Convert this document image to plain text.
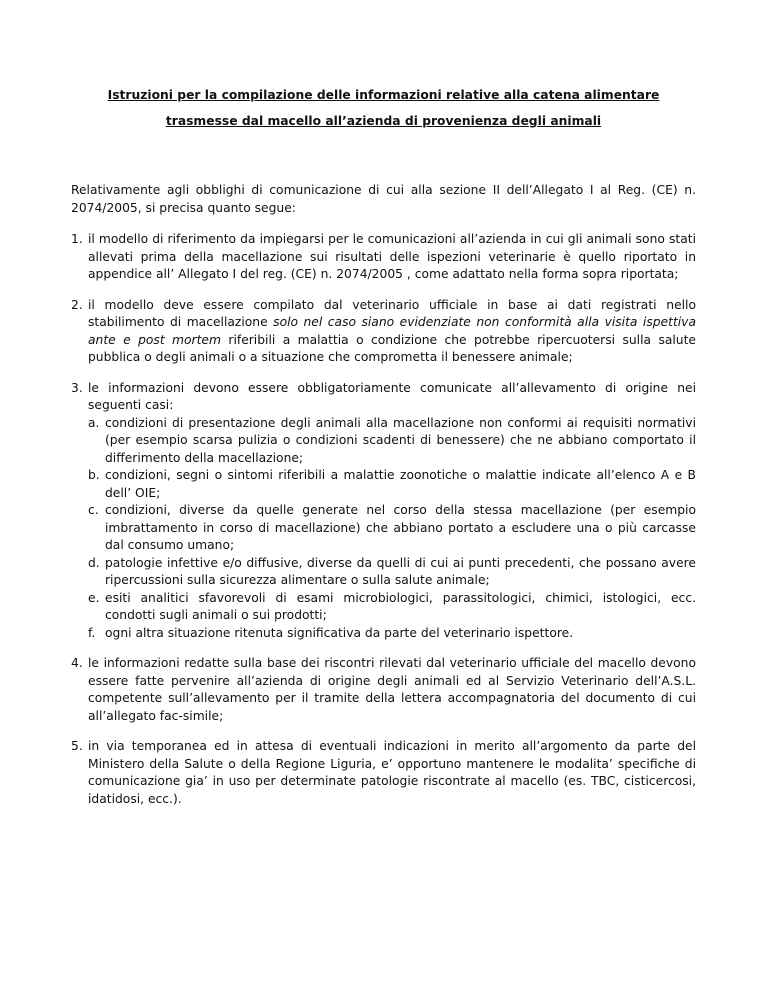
Istruzioni per la compilazione delle informazioni relative alla catena alimentare

trasmesse dal macello all’azienda di provenienza degli animali

Relativamente agli obblighi di comunicazione di cui alla sezione II dell’Allegato I al Reg. (CE) n. 2074/2005, si precisa quanto segue:

1. il modello di riferimento da impiegarsi per le comunicazioni all’azienda in cui gli animali sono stati allevati prima della macellazione sui risultati delle ispezioni veterinarie è quello riportato in appendice all’ Allegato I del reg. (CE) n. 2074/2005 , come adattato nella forma sopra riportata;
2. il modello deve essere compilato dal veterinario ufficiale in base ai dati registrati nello stabilimento di macellazione solo nel caso siano evidenziate non conformità alla visita ispettiva ante e post mortem riferibili a malattia o condizione che potrebbe ripercuotersi sulla salute pubblica o degli animali o a situazione che comprometta il benessere animale;
3. le informazioni devono essere obbligatoriamente comunicate all’allevamento di origine nei seguenti casi:
a. condizioni di presentazione degli animali alla macellazione non conformi ai requisiti normativi (per esempio scarsa pulizia o condizioni scadenti di benessere) che ne abbiano comportato il differimento della macellazione;
b. condizioni, segni o sintomi riferibili a malattie zoonotiche o malattie indicate all’elenco A e B dell’ OIE;
c. condizioni, diverse da quelle generate nel corso della stessa macellazione (per esempio imbrattamento in corso di macellazione) che abbiano portato a escludere una o più carcasse dal consumo umano;
d. patologie infettive e/o diffusive, diverse da quelli di cui ai punti precedenti, che possano avere ripercussioni sulla sicurezza alimentare o sulla salute animale;
e. esiti analitici sfavorevoli di esami microbiologici, parassitologici, chimici, istologici, ecc. condotti sugli animali o sui prodotti;
f. ogni altra situazione ritenuta significativa da parte del veterinario ispettore.
4. le informazioni redatte sulla base dei riscontri rilevati dal veterinario ufficiale del macello devono essere fatte pervenire all’azienda di origine degli animali ed al Servizio Veterinario dell’A.S.L. competente sull’allevamento per il tramite della lettera accompagnatoria del documento di cui all’allegato fac-simile;
5. in via temporanea ed in attesa di eventuali indicazioni in merito all’argomento da parte del Ministero della Salute o della Regione Liguria, e’ opportuno mantenere le modalita’ specifiche di comunicazione gia’ in uso per determinate patologie riscontrate al macello (es. TBC, cisticercosi, idatidosi, ecc.).
